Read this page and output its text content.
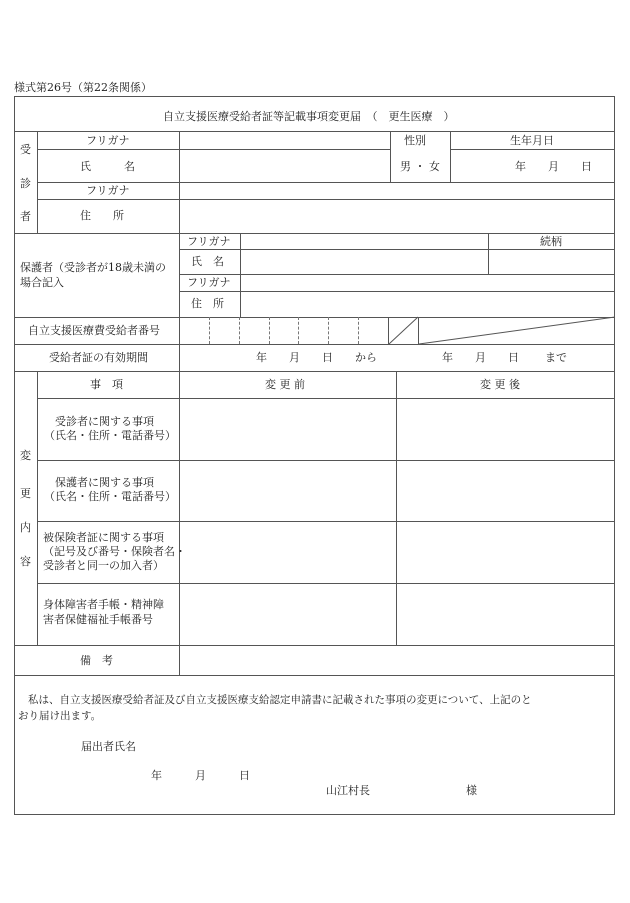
様式第26号（第22条関係）
自立支援医療受給者証等記載事項変更届　（　更生医療　）
受
診
者
フリガナ
氏　　　名
性別
男 ・ 女
生年月日
年　　月　　日
フリガナ
住　　所
保護者（受診者が18歳未満の
場合記入
フリガナ	続柄
氏　名
フリガナ
住　所
自立支援医療費受給者番号
受給者証の有効期間	年　　月　　日 から	年　　月　　日 まで
変
更
内
容
事　項	変 更 前	変 更 後
受診者に関する事項
（氏名・住所・電話番号）
保護者に関する事項
（氏名・住所・電話番号）
被保険者証に関する事項
（記号及び番号・保険者名・
受診者と同一の加入者）
身体障害者手帳・精神障
害者保健福祉手帳番号
備　考
私は、自立支援医療受給者証及び自立支援医療支給認定申請書に記載された事項の変更について、上記のと
おり届け出ます。
届出者氏名
年　　　月　　　日
山江村長	様
